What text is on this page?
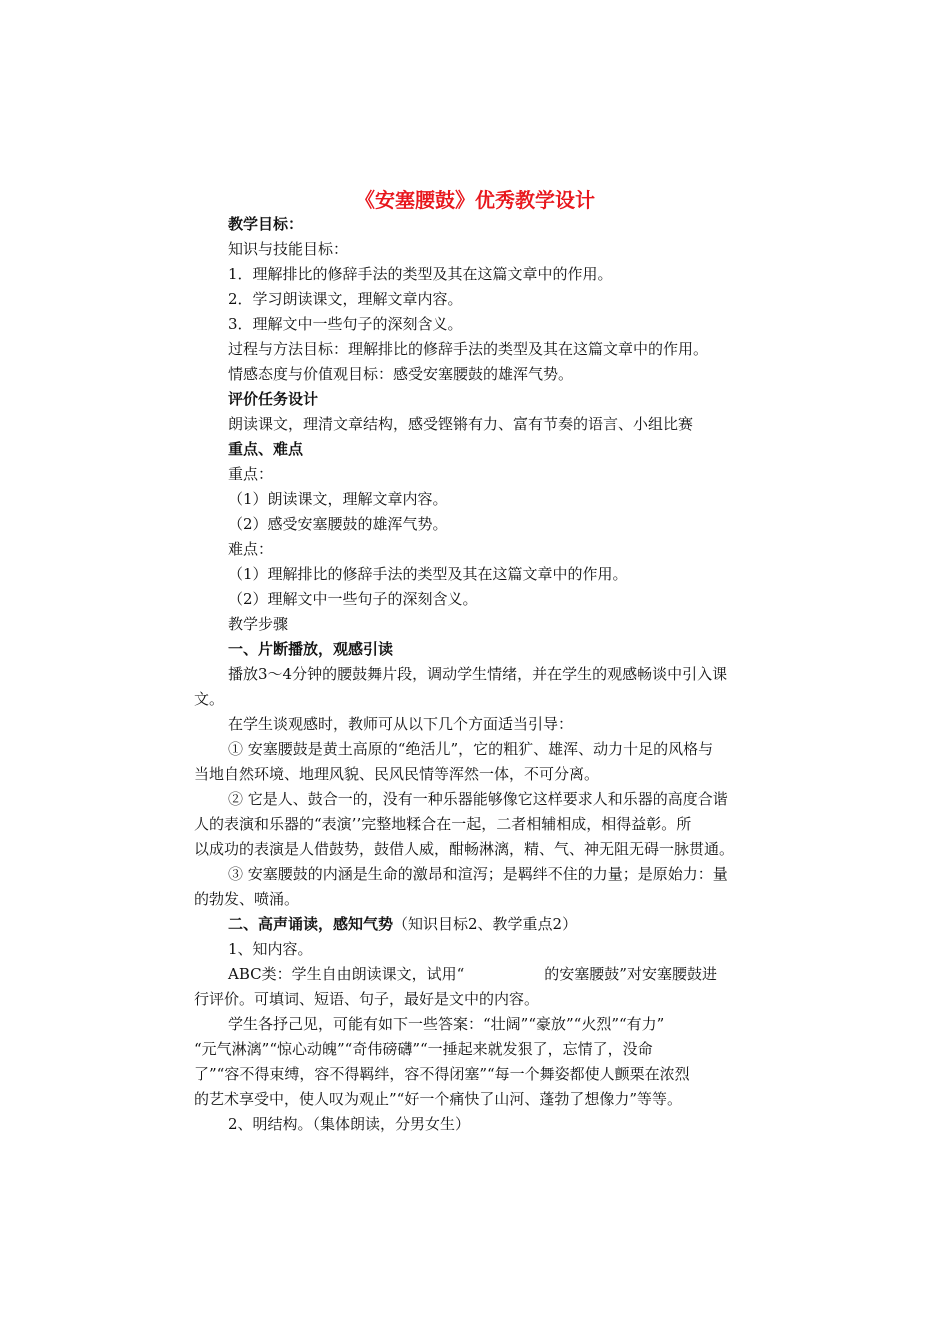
《安塞腰鼓》优秀教学设计
教学目标：
知识与技能目标：
1．理解排比的修辞手法的类型及其在这篇文章中的作用。
2．学习朗读课文，理解文章内容。
3．理解文中一些句子的深刻含义。
过程与方法目标：理解排比的修辞手法的类型及其在这篇文章中的作用。
情感态度与价值观目标：感受安塞腰鼓的雄浑气势。
评价任务设计
朗读课文，理清文章结构，感受铿锵有力、富有节奏的语言、小组比赛
重点、难点
重点：
（1）朗读课文，理解文章内容。
（2）感受安塞腰鼓的雄浑气势。
难点：
（1）理解排比的修辞手法的类型及其在这篇文章中的作用。
（2）理解文中一些句子的深刻含义。
教学步骤
一、片断播放，观感引读
播放3～4分钟的腰鼓舞片段，调动学生情绪，并在学生的观感畅谈中引入课
文。
在学生谈观感时，教师可从以下几个方面适当引导：
① 安塞腰鼓是黄土高原的“绝活儿”，它的粗犷、雄浑、动力十足的风格与
当地自然环境、地理风貌、民风民情等浑然一体，不可分离。
② 它是人、鼓合一的，没有一种乐器能够像它这样要求人和乐器的高度合谐
人的表演和乐器的“表演’’完整地糅合在一起，二者相辅相成，相得益彰。所
以成功的表演是人借鼓势，鼓借人威，酣畅淋漓，精、气、神无阻无碍一脉贯通。
③ 安塞腰鼓的内涵是生命的激昂和渲泻；是羁绊不住的力量；是原始力：量
的勃发、喷涌。
二、高声诵读，感知气势（知识目标2、教学重点2）
1、知内容。
ABC类：学生自由朗读课文，试用“	的安塞腰鼓”对安塞腰鼓进
行评价。可填词、短语、句子，最好是文中的内容。
学生各抒己见，可能有如下一些答案：“壮阔”“豪放”“火烈”“有力”
“元气淋漓”“惊心动魄”“奇伟磅礴”“一捶起来就发狠了，忘情了，没命
了”“容不得束缚，容不得羁绊，容不得闭塞”“每一个舞姿都使人颤栗在浓烈
的艺术享受中，使人叹为观止”“好一个痛快了山河、蓬勃了想像力”等等。
2、明结构。（集体朗读，分男女生）
